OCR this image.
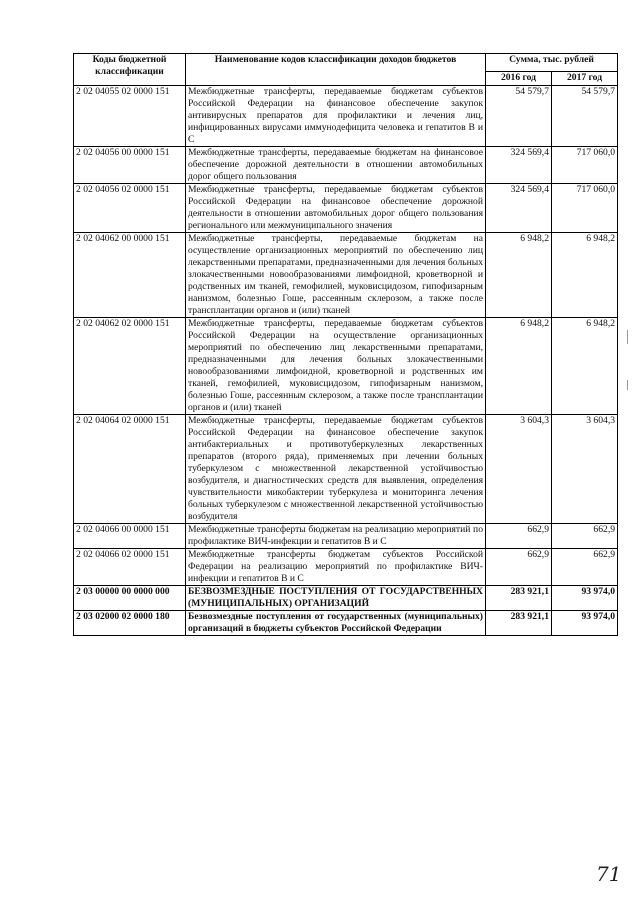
Коды бюджетной классификации	Наименование кодов классификации доходов бюджетов	Сумма, тыс. рублей	
		2016 год	2017 год
2 02 04055 02 0000 151	Межбюджетные трансферты, передаваемые бюджетам субъектов Российской Федерации на финансовое обеспечение закупок антивирусных препаратов для профилактики и лечения лиц, инфицированных вирусами иммунодефицита человека и гепатитов В и С	54 579,7	54 579,7
2 02 04056 00 0000 151	Межбюджетные трансферты, передаваемые бюджетам на финансовое обеспечение дорожной деятельности в отношении автомобильных дорог общего пользования	324 569,4	717 060,0
2 02 04056 02 0000 151	Межбюджетные трансферты, передаваемые бюджетам субъектов Российской Федерации на финансовое обеспечение дорожной деятельности в отношении автомобильных дорог общего пользования регионального или межмуниципального значения	324 569,4	717 060,0
2 02 04062 00 0000 151	Межбюджетные трансферты, передаваемые бюджетам на осуществление организационных мероприятий по обеспечению лиц лекарственными препаратами, предназначенными для лечения больных злокачественными новообразованиями лимфоидной, кроветворной и родственных им тканей, гемофилией, муковисцидозом, гипофизарным нанизмом, болезнью Гоше, рассеянным склерозом, а также после трансплантации органов и (или) тканей	6 948,2	6 948,2
2 02 04062 02 0000 151	Межбюджетные трансферты, передаваемые бюджетам субъектов Российской Федерации на осуществление организационных мероприятий по обеспечению лиц лекарственными препаратами, предназначенными для лечения больных злокачественными новообразованиями лимфоидной, кроветворной и родственных им тканей, гемофилией, муковисцидозом, гипофизарным нанизмом, болезнью Гоше, рассеянным склерозом, а также после трансплантации органов и (или) тканей	6 948,2	6 948,2
2 02 04064 02 0000 151	Межбюджетные трансферты, передаваемые бюджетам субъектов Российской Федерации на финансовое обеспечение закупок антибактериальных и противотуберкулезных лекарственных препаратов (второго ряда), применяемых при лечении больных туберкулезом с множественной лекарственной устойчивостью возбудителя, и диагностических средств для выявления, определения чувствительности микобактерии туберкулеза и мониторинга лечения больных туберкулезом с множественной лекарственной устойчивостью возбудителя	3 604,3	3 604,3
2 02 04066 00 0000 151	Межбюджетные трансферты бюджетам на реализацию мероприятий по профилактике ВИЧ-инфекции и гепатитов В и С	662,9	662,9
2 02 04066 02 0000 151	Межбюджетные трансферты бюджетам субъектов Российской Федерации на реализацию мероприятий по профилактике ВИЧ-инфекции и гепатитов В и С	662,9	662,9
2 03 00000 00 0000 000	БЕЗВОЗМЕЗДНЫЕ ПОСТУПЛЕНИЯ ОТ ГОСУДАРСТВЕННЫХ (МУНИЦИПАЛЬНЫХ) ОРГАНИЗАЦИЙ	283 921,1	93 974,0
2 03 02000 02 0000 180	Безвозмездные поступления от государственных (муниципальных) организаций в бюджеты субъектов Российской Федерации	283 921,1	93 974,0
71
